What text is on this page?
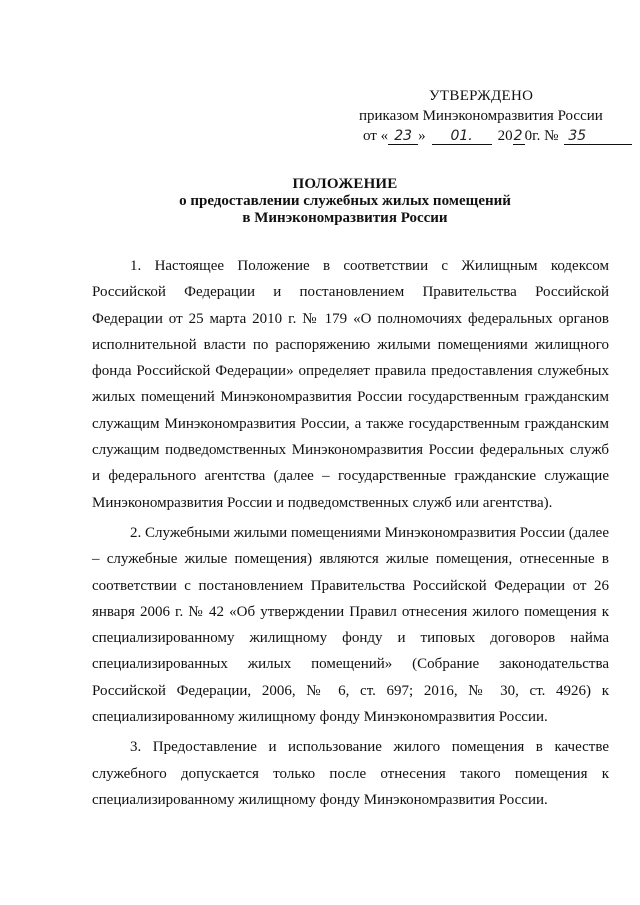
УТВЕРЖДЕНО
приказом Минэкономразвития России
от « 23 » 01. 202 0г. № 35
ПОЛОЖЕНИЕ
о предоставлении служебных жилых помещений
в Минэкономразвития России

1. Настоящее Положение в соответствии с Жилищным кодексом Российской Федерации и постановлением Правительства Российской Федерации от 25 марта 2010 г. № 179 «О полномочиях федеральных органов исполнительной власти по распоряжению жилыми помещениями жилищного фонда Российской Федерации» определяет правила предоставления служебных жилых помещений Минэкономразвития России государственным гражданским служащим Минэкономразвития России, а также государственным гражданским служащим подведомственных Минэкономразвития России федеральных служб и федерального агентства (далее – государственные гражданские служащие Минэкономразвития России и подведомственных служб или агентства).

2. Служебными жилыми помещениями Минэкономразвития России (далее – служебные жилые помещения) являются жилые помещения, отнесенные в соответствии с постановлением Правительства Российской Федерации от 26 января 2006 г. № 42 «Об утверждении Правил отнесения жилого помещения к специализированному жилищному фонду и типовых договоров найма специализированных жилых помещений» (Собрание законодательства Российской Федерации, 2006, № 6, ст. 697; 2016, № 30, ст. 4926) к специализированному жилищному фонду Минэкономразвития России.

3. Предоставление и использование жилого помещения в качестве служебного допускается только после отнесения такого помещения к специализированному жилищному фонду Минэкономразвития России.
